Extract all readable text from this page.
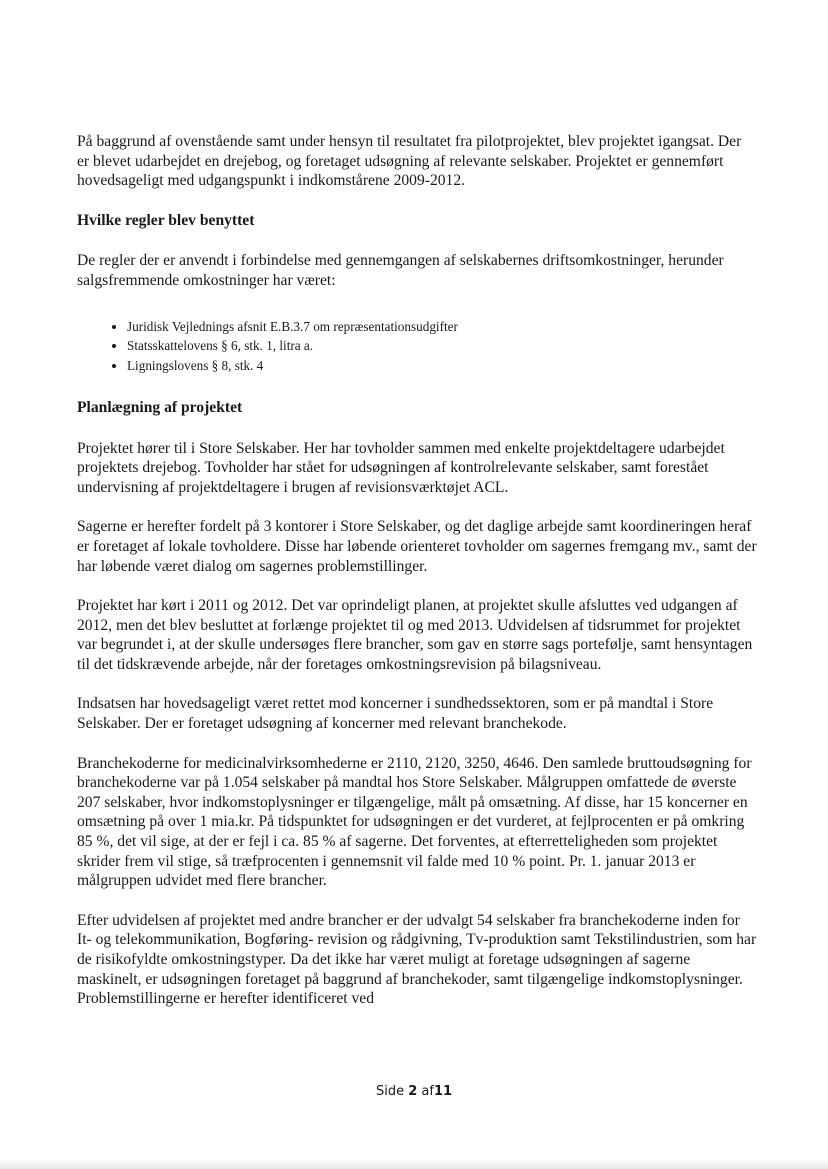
På baggrund af ovenstående samt under hensyn til resultatet fra pilotprojektet, blev projektet igangsat. Der er blevet udarbejdet en drejebog, og foretaget udsøgning af relevante selskaber. Projektet er gennemført hovedsageligt med udgangspunkt i indkomstårene 2009-2012.

Hvilke regler blev benyttet

De regler der er anvendt i forbindelse med gennemgangen af selskabernes driftsomkostninger, herunder salgsfremmende omkostninger har været:

• Juridisk Vejlednings afsnit E.B.3.7 om repræsentationsudgifter
• Statsskattelovens § 6, stk. 1, litra a.
• Ligningslovens § 8, stk. 4
Planlægning af projektet

Projektet hører til i Store Selskaber. Her har tovholder sammen med enkelte projektdeltagere udarbejdet projektets drejebog. Tovholder har stået for udsøgningen af kontrolrelevante selskaber, samt forestået undervisning af projektdeltagere i brugen af revisionsværktøjet ACL.

Sagerne er herefter fordelt på 3 kontorer i Store Selskaber, og det daglige arbejde samt koordineringen heraf er foretaget af lokale tovholdere. Disse har løbende orienteret tovholder om sagernes fremgang mv., samt der har løbende været dialog om sagernes problemstillinger.

Projektet har kørt i 2011 og 2012. Det var oprindeligt planen, at projektet skulle afsluttes ved udgangen af 2012, men det blev besluttet at forlænge projektet til og med 2013. Udvidelsen af tidsrummet for projektet var begrundet i, at der skulle undersøges flere brancher, som gav en større sags portefølje, samt hensyntagen til det tidskrævende arbejde, når der foretages omkostningsrevision på bilagsniveau.

Indsatsen har hovedsageligt været rettet mod koncerner i sundhedssektoren, som er på mandtal i Store Selskaber. Der er foretaget udsøgning af koncerner med relevant branchekode.

Branchekoderne for medicinalvirksomhederne er 2110, 2120, 3250, 4646. Den samlede bruttoudsøgning for branchekoderne var på 1.054 selskaber på mandtal hos Store Selskaber. Målgruppen omfattede de øverste 207 selskaber, hvor indkomstoplysninger er tilgængelige, målt på omsætning. Af disse, har 15 koncerner en omsætning på over 1 mia.kr. På tidspunktet for udsøgningen er det vurderet, at fejlprocenten er på omkring 85 %, det vil sige, at der er fejl i ca. 85 % af sagerne. Det forventes, at efterretteligheden som projektet skrider frem vil stige, så træfprocenten i gennemsnit vil falde med 10 % point. Pr. 1. januar 2013 er målgruppen udvidet med flere brancher.

Efter udvidelsen af projektet med andre brancher er der udvalgt 54 selskaber fra branchekoderne inden for It- og telekommunikation, Bogføring- revision og rådgivning, Tv-produktion samt Tekstilindustrien, som har de risikofyldte omkostningstyper. Da det ikke har været muligt at foretage udsøgningen af sagerne maskinelt, er udsøgningen foretaget på baggrund af branchekoder, samt tilgængelige indkomstoplysninger. Problemstillingerne er herefter identificeret ved

Side 2 af11
